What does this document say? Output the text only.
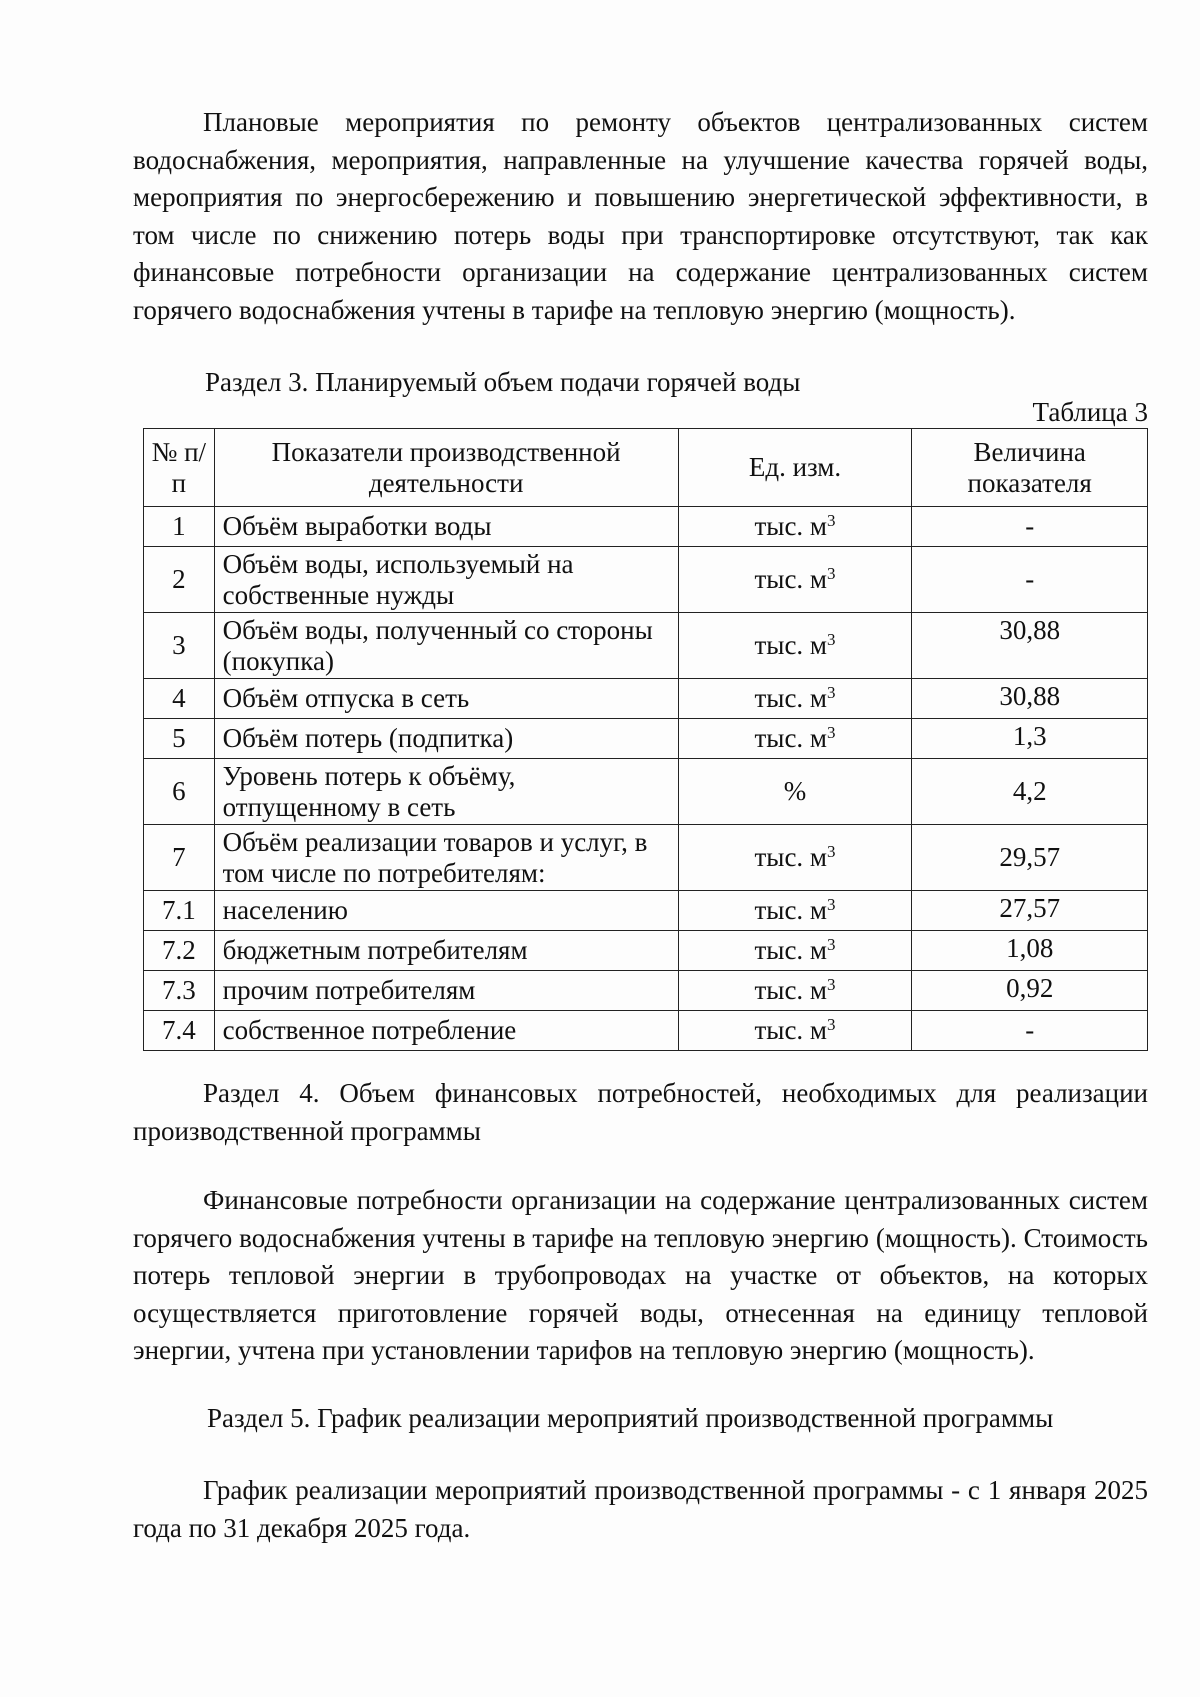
Плановые мероприятия по ремонту объектов централизованных систем водоснабжения, мероприятия, направленные на улучшение качества горячей воды, мероприятия по энергосбережению и повышению энергетической эффективности, в том числе по снижению потерь воды при транспортировке отсутствуют, так как финансовые потребности организации на содержание централизованных систем горячего водоснабжения учтены в тарифе на тепловую энергию (мощность).

Раздел 3. Планируемый объем подачи горячей воды

Таблица 3

№ п/п	Показатели производственной деятельности	Ед. изм.	Величина показателя
1	Объём выработки воды	тыс. $м^3$	-
2	Объём воды, используемый на собственные нужды	тыс. $м^3$	-
3	Объём воды, полученный со стороны (покупка)	тыс. $м^3$	30,88
4	Объём отпуска в сеть	тыс. $м^3$	30,88
5	Объём потерь (подпитка)	тыс. $м^3$	1,3
6	Уровень потерь к объёму, отпущенному в сеть	%	4,2
7	Объём реализации товаров и услуг, в том числе по потребителям:	тыс. $м^3$	29,57
7.1	населению	тыс. $м^3$	27,57
7.2	бюджетным потребителям	тыс. $м^3$	1,08
7.3	прочим потребителям	тыс. $м^3$	0,92
7.4	собственное потребление	тыс. $м^3$	-

Раздел 4. Объем финансовых потребностей, необходимых для реализации производственной программы

Финансовые потребности организации на содержание централизованных систем горячего водоснабжения учтены в тарифе на тепловую энергию (мощность). Стоимость потерь тепловой энергии в трубопроводах на участке от объектов, на которых осуществляется приготовление горячей воды, отнесенная на единицу тепловой энергии, учтена при установлении тарифов на тепловую энергию (мощность).

Раздел 5. График реализации мероприятий производственной программы

График реализации мероприятий производственной программы - с 1 января 2025 года по 31 декабря 2025 года.
